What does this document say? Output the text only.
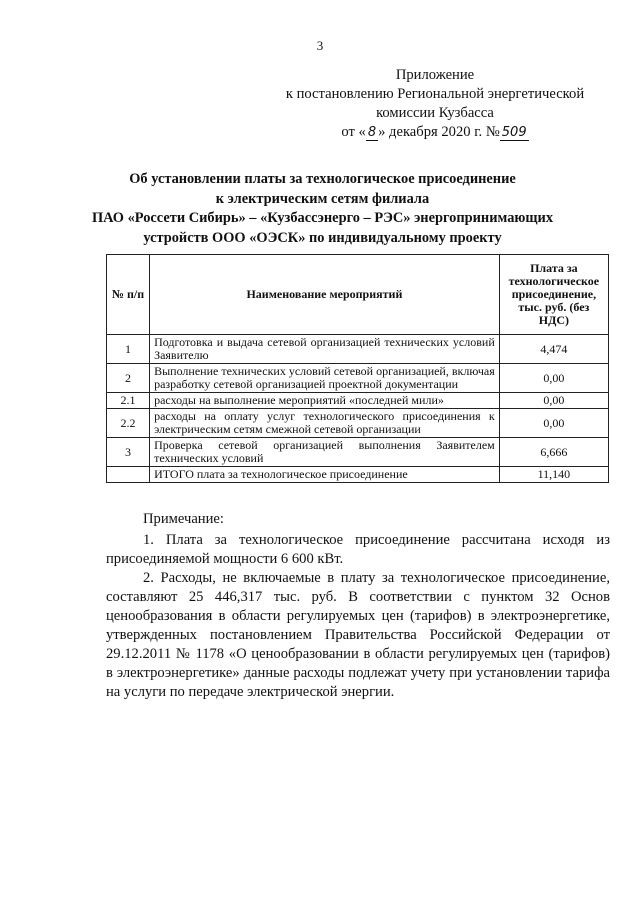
3
Приложение
к постановлению Региональной энергетической
комиссии Кузбасса
от « 8 » декабря 2020 г. № 509
Об установлении платы за технологическое присоединение
к электрическим сетям филиала
ПАО «Россети Сибирь» – «Кузбассэнерго – РЭС» энергопринимающих
устройств ООО «ОЭСК» по индивидуальному проекту
№ п/п	Наименование мероприятий	Плата за технологическое присоединение, тыс. руб. (без НДС)
1	Подготовка и выдача сетевой организацией технических условий Заявителю	4,474
2	Выполнение технических условий сетевой организацией, включая разработку сетевой организацией проектной документации	0,00
2.1	расходы на выполнение мероприятий «последней мили»	0,00
2.2	расходы на оплату услуг технологического присоединения к электрическим сетям смежной сетевой организации	0,00
3	Проверка сетевой организацией выполнения Заявителем технических условий	6,666
	ИТОГО плата за технологическое присоединение	11,140

Примечание:

1. Плата за технологическое присоединение рассчитана исходя из присоединяемой мощности 6 600 кВт.

2. Расходы, не включаемые в плату за технологическое присоединение, составляют 25 446,317 тыс. руб. В соответствии с пунктом 32 Основ ценообразования в области регулируемых цен (тарифов) в электроэнергетике, утвержденных постановлением Правительства Российской Федерации от 29.12.2011 № 1178 «О ценообразовании в области регулируемых цен (тарифов) в электроэнергетике» данные расходы подлежат учету при установлении тарифа на услуги по передаче электрической энергии.
